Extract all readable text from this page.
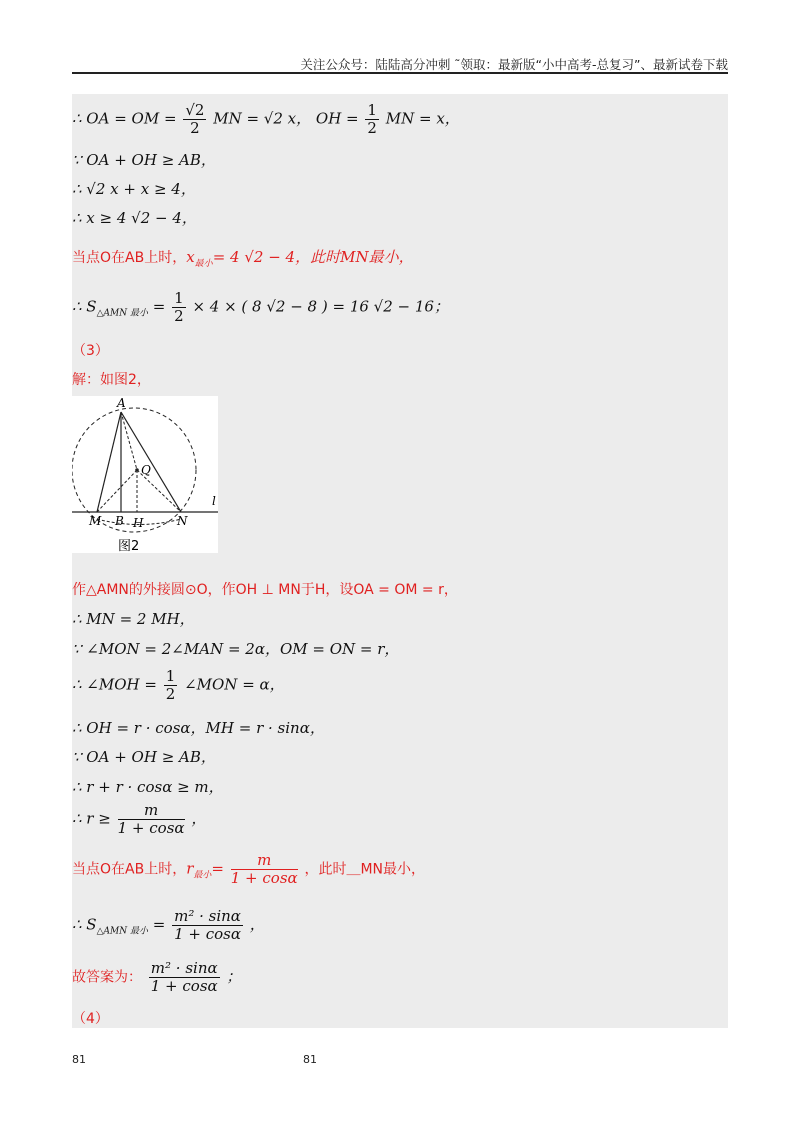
关注公众号：陆陆高分冲刺 ˜领取：最新版“小中高考-总复习”、最新试卷下载
∴ OA = OM = $\frac{√2}{2}$ MN = √2 x， OH = $\frac{1}{2}$ MN = x，
∵ OA + OH ≥ AB，
∴ √2 x + x ≥ 4，
∴ x ≥ 4 √2 − 4，
当点O在AB上时，$x_{最小}= 4$ √2 − 4，此时MN最小，
∴ $S_{\triangle AMN 最小} = \frac{1}{2} \times 4$ × ( 8 √2 − 8 ) = 16 √2 − 16；
（3）
解：如图2，
A
Q
M B H	N
l
图2
作△AMN的外接圆⊙O，作OH ⊥ MN于H，设OA = OM = r，
∴ MN = 2 MH，
∵ ∠MON = 2∠MAN = 2α，OM = ON = r，
∴ ∠MOH = $\frac{1}{2}$ ∠MON = α，
∴ OH = r · cosα，MH = r · sinα，
∵ OA + OH ≥ AB，
∴ r + r · cosα ≥ m，
∴ $r \ge \frac{m}{1 + \cos\alpha}$ ，
当点O在AB上时，$r_{最小}= \frac{m}{1 + \cos\alpha}$ ，此时＿MN最小，
∴ $S_{\triangle AMN 最小} = \frac{\text{m² · sinα}}{1 + \cos\alpha}$ ，
故答案为： $\frac{\text{m² · sinα}}{1 + \cos\alpha}$ ；
（4）
81	81
